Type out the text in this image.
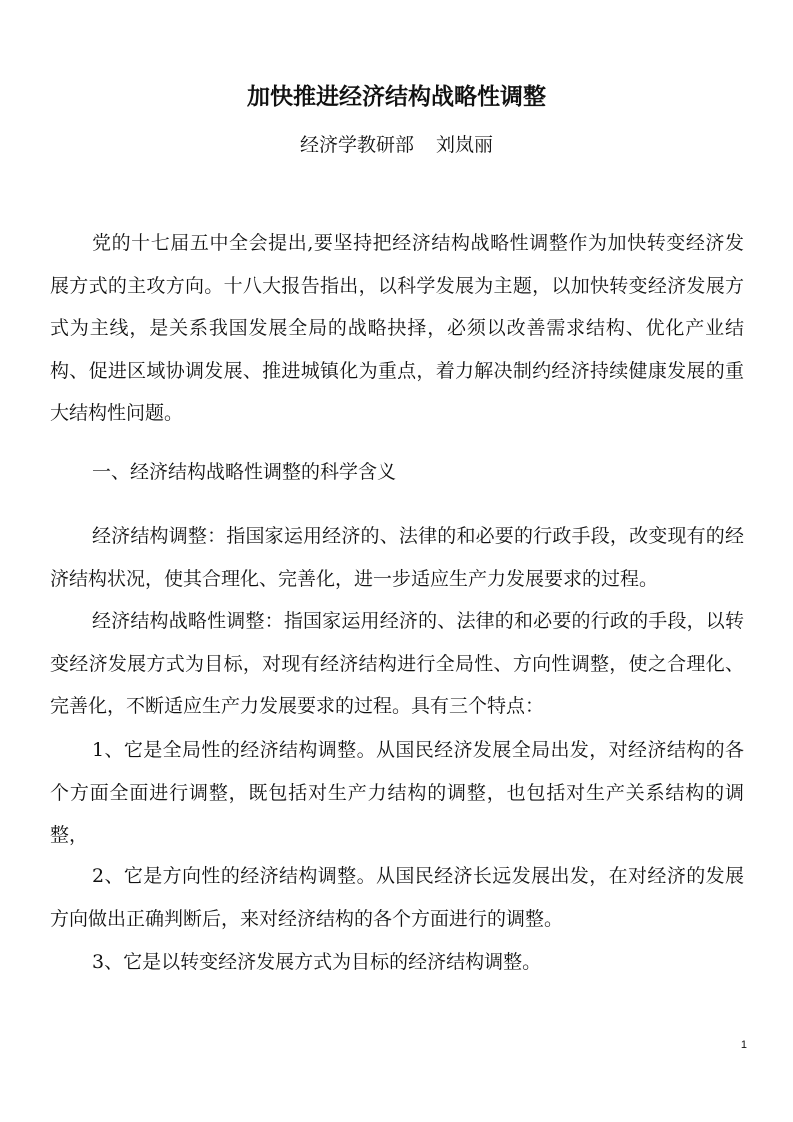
加快推进经济结构战略性调整
经济学教研部 刘岚丽

党的十七届五中全会提出,要坚持把经济结构战略性调整作为加快转变经济发展方式的主攻方向。十八大报告指出，以科学发展为主题，以加快转变经济发展方式为主线，是关系我国发展全局的战略抉择，必须以改善需求结构、优化产业结构、促进区域协调发展、推进城镇化为重点，着力解决制约经济持续健康发展的重大结构性问题。

一、经济结构战略性调整的科学含义

经济结构调整：指国家运用经济的、法律的和必要的行政手段，改变现有的经济结构状况，使其合理化、完善化，进一步适应生产力发展要求的过程。

经济结构战略性调整：指国家运用经济的、法律的和必要的行政的手段，以转变经济发展方式为目标，对现有经济结构进行全局性、方向性调整，使之合理化、完善化，不断适应生产力发展要求的过程。具有三个特点：

1、它是全局性的经济结构调整。从国民经济发展全局出发，对经济结构的各个方面全面进行调整，既包括对生产力结构的调整，也包括对生产关系结构的调整，

2、它是方向性的经济结构调整。从国民经济长远发展出发，在对经济的发展方向做出正确判断后，来对经济结构的各个方面进行的调整。

3、它是以转变经济发展方式为目标的经济结构调整。

1
